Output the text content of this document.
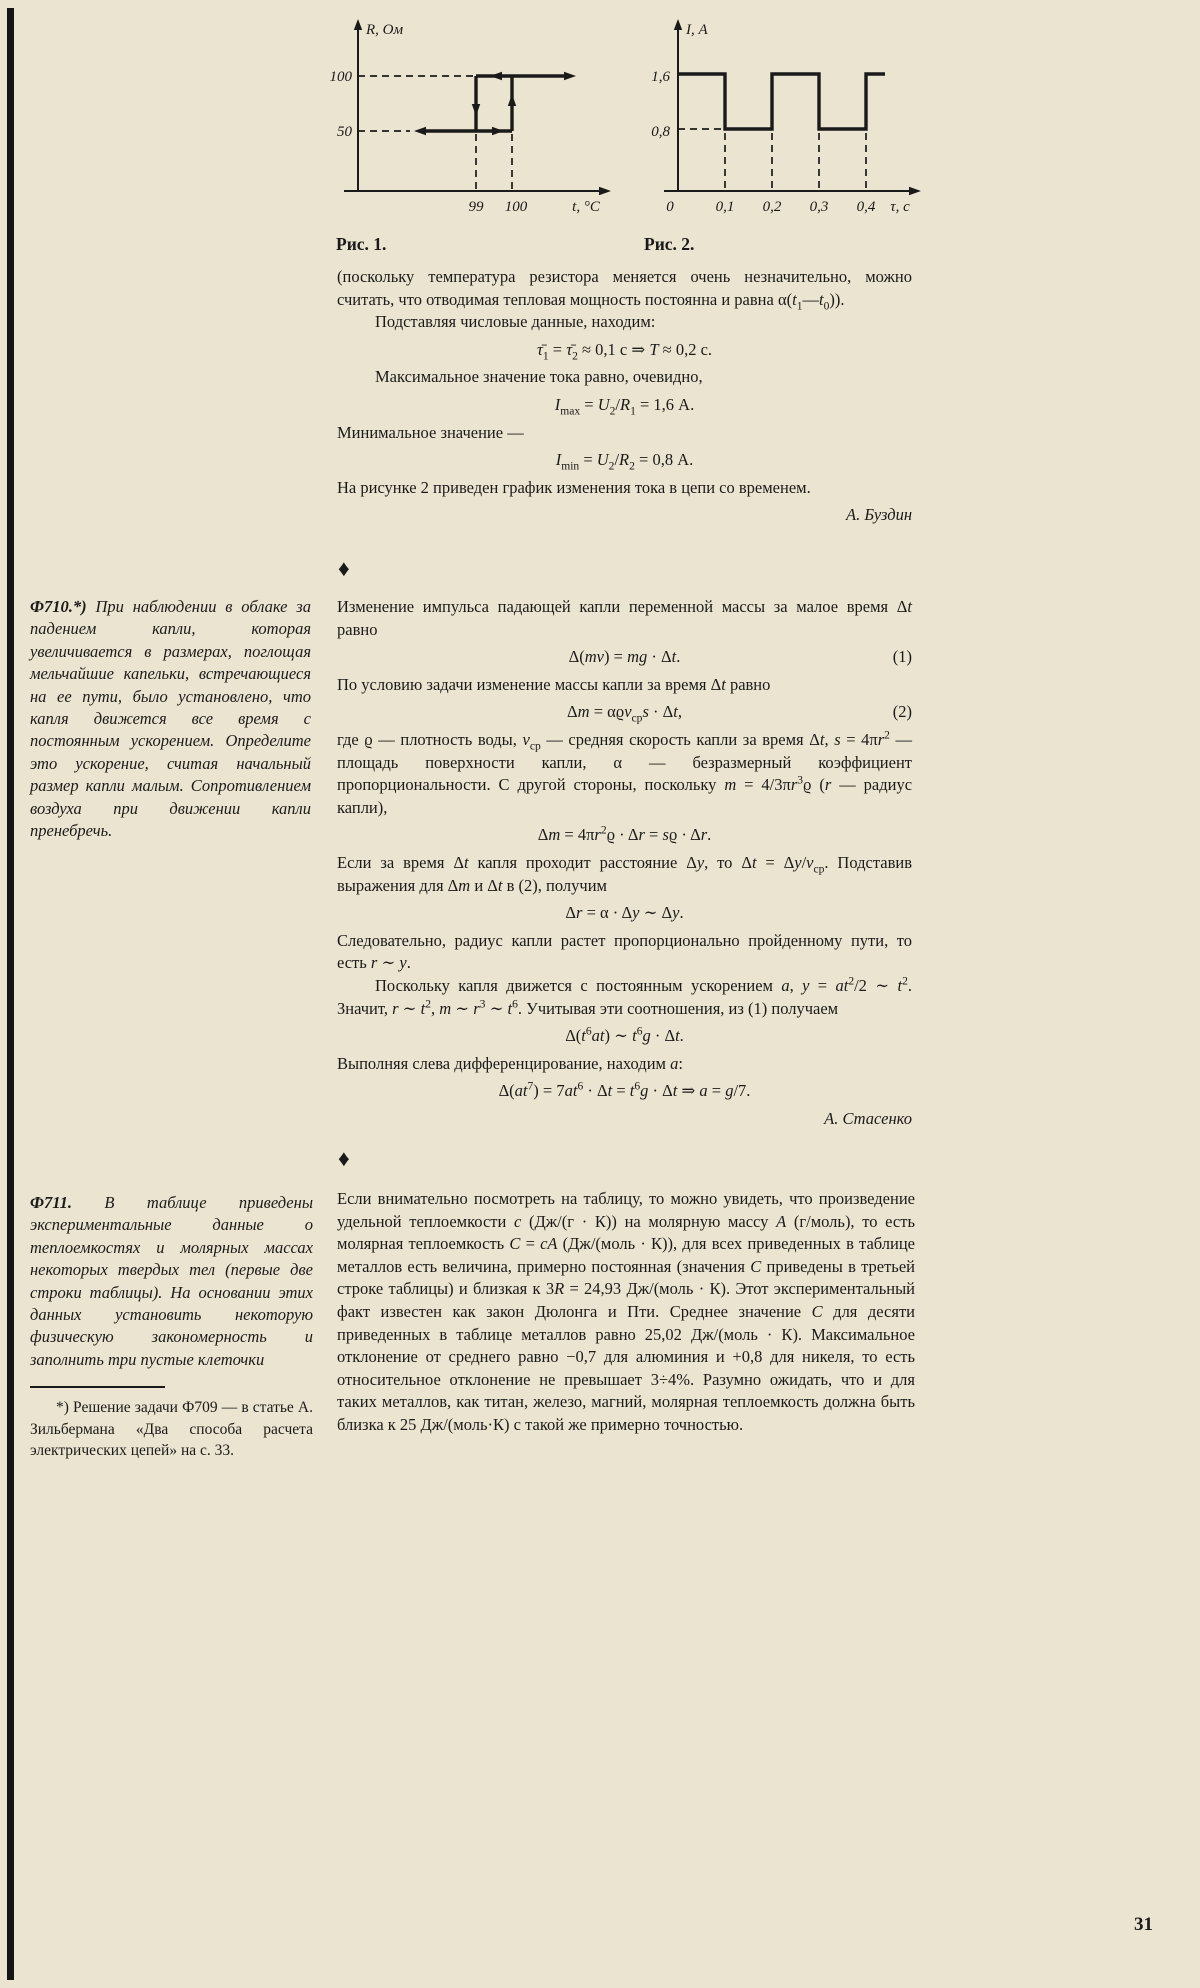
R, Ом
100
50
99 100	t, °C
I, А
1,6
0,8
0	0,1 0,2 0,3 0,4 τ, с
Рис. 1.	Рис. 2.

(поскольку температура резистора меняется очень незначительно, можно считать, что отводимая тепловая мощность постоянна и равна $\alpha(t_1—t_0)$).

Подставляя числовые данные, находим:

$\taū_1$ = $\taū_2 \approx 0,1$ с ⇒ T ≈ 0,2 с.

Максимальное значение тока равно, очевидно,

$I_{max} = U_2/R_1 = 1,6$ А.

Минимальное значение —

$I_{min} = U_2/R_2 = 0,8$ А.

На рисунке 2 приведен график изменения тока в цепи со временем.

А. Буздин

♦
Ф710.*) При наблюдении в облаке за падением капли, которая увеличивается в размерах, поглощая мельчайшие капельки, встречающиеся на ее пути, было установлено, что капля движется все время с постоянным ускорением. Определите это ускорение, считая начальный размер капли малым. Сопротивлением воздуха при движении капли пренебречь.

Изменение импульса падающей капли переменной массы за малое время Δt равно

Δ(mv) = mg · Δt.	(1)

По условию задачи изменение массы капли за время Δt равно

Δm = αϱv$_{ср}$s · Δt,	(2)

где ϱ — плотность воды, $v_{ср}$ — средняя скорость капли за время Δt, $s = 4\pi r^2$ — площадь поверхности капли, α — безразмерный коэффициент пропорциональности. С другой стороны, поскольку $m = 4/3\pi r^3ϱ$ (r — радиус капли),

$\Delta m = 4\pi r^2ϱ \cdot \Delta r = sϱ \cdot \Delta r$.

Если за время Δt капля проходит расстояние Δy, то $\Delta t = \Delta y/v_{ср}$. Подставив выражения для Δm и Δt в (2), получим

Δr = α · Δy ∼ Δy.

Следовательно, радиус капли растет пропорционально пройденному пути, то есть r ∼ y.

Поскольку капля движется с постоянным ускорением a, $y = at^2/2$ ∼ $t^2$. Значит, r ∼ $t^2$, m ∼ $r^3$ ∼ $t^6$. Учитывая эти соотношения, из (1) получаем

$\Delta(t^6at)$ ∼ $t^6g \cdot \Delta t$.

Выполняя слева дифференцирование, находим a:

$\Delta(at^7) = 7at^6 \cdot \Delta t = t^6g \cdot \Delta t$ ⇒ a = g/7.

А. Стасенко

♦
Ф711. В таблице приведены экспериментальные данные о теплоемкостях и молярных массах некоторых твердых тел (первые две строки таблицы). На основании этих данных установить некоторую физическую закономерность и заполнить три пустые клеточки

*) Решение задачи Ф709 — в статье А. Зильбермана «Два способа расчета электрических цепей» на с. 33.

Если внимательно посмотреть на таблицу, то можно увидеть, что произведение удельной теплоемкости c (Дж/(г · К)) на молярную массу A (г/моль), то есть молярная теплоемкость C = cA (Дж/(моль · К)), для всех приведенных в таблице металлов есть величина, примерно постоянная (значения C приведены в третьей строке таблицы) и близкая к 3R = 24,93 Дж/(моль · К). Этот экспериментальный факт известен как закон Дюлонга и Пти. Среднее значение C для десяти приведенных в таблице металлов равно 25,02 Дж/(моль · К). Максимальное отклонение от среднего равно −0,7 для алюминия и +0,8 для никеля, то есть относительное отклонение не превышает 3÷4%. Разумно ожидать, что и для таких металлов, как титан, железо, магний, молярная теплоемкость должна быть близка к 25 Дж/(моль·К) с такой же примерно точностью.

31
